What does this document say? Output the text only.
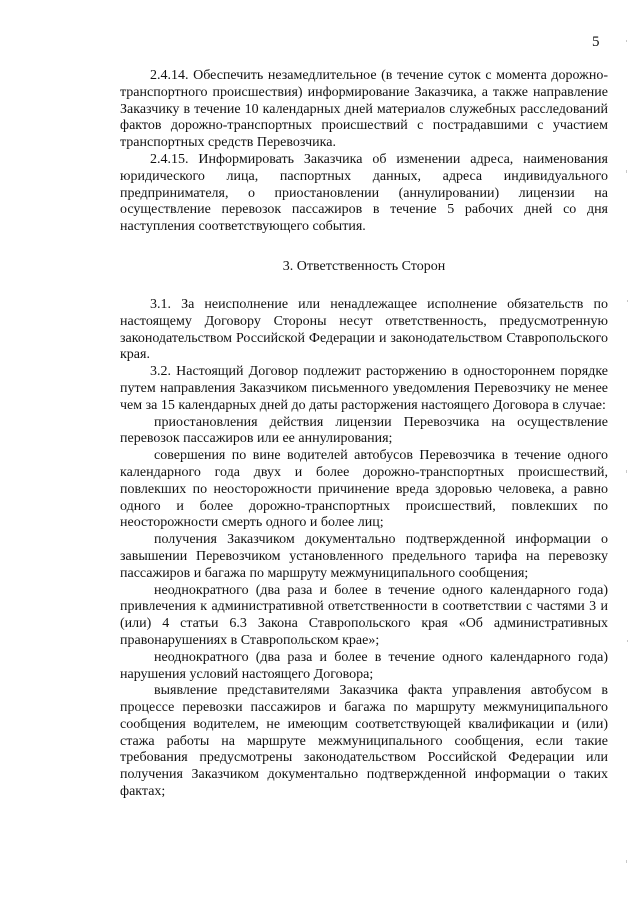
5

2.4.14. Обеспечить незамедлительное (в течение суток с момента дорожно-транспортного происшествия) информирование Заказчика, а также направление Заказчику в течение 10 календарных дней материалов служебных расследований фактов дорожно-транспортных происшествий с пострадавшими с участием транспортных средств Перевозчика.

2.4.15. Информировать Заказчика об изменении адреса, наименования юридического лица, паспортных данных, адреса индивидуального предпринимателя, о приостановлении (аннулировании) лицензии на осуществление перевозок пассажиров в течение 5 рабочих дней со дня наступления соответствующего события.

3. Ответственность Сторон

3.1. За неисполнение или ненадлежащее исполнение обязательств по настоящему Договору Стороны несут ответственность, предусмотренную законодательством Российской Федерации и законодательством Ставропольского края.

3.2. Настоящий Договор подлежит расторжению в одностороннем порядке путем направления Заказчиком письменного уведомления Перевозчику не менее чем за 15 календарных дней до даты расторжения настоящего Договора в случае:

приостановления действия лицензии Перевозчика на осуществление перевозок пассажиров или ее аннулирования;

совершения по вине водителей автобусов Перевозчика в течение одного календарного года двух и более дорожно-транспортных происшествий, повлекших по неосторожности причинение вреда здоровью человека, а равно одного и более дорожно-транспортных происшествий, повлекших по неосторожности смерть одного и более лиц;

получения Заказчиком документально подтвержденной информации о завышении Перевозчиком установленного предельного тарифа на перевозку пассажиров и багажа по маршруту межмуниципального сообщения;

неоднократного (два раза и более в течение одного календарного года) привлечения к административной ответственности в соответствии с частями 3 и (или) 4 статьи 6.3 Закона Ставропольского края «Об административных правонарушениях в Ставропольском крае»;

неоднократного (два раза и более в течение одного календарного года) нарушения условий настоящего Договора;

выявление представителями Заказчика факта управления автобусом в процессе перевозки пассажиров и багажа по маршруту межмуниципального сообщения водителем, не имеющим соответствующей квалификации и (или) стажа работы на маршруте межмуниципального сообщения, если такие требования предусмотрены законодательством Российской Федерации или получения Заказчиком документально подтвержденной информации о таких фактах;
